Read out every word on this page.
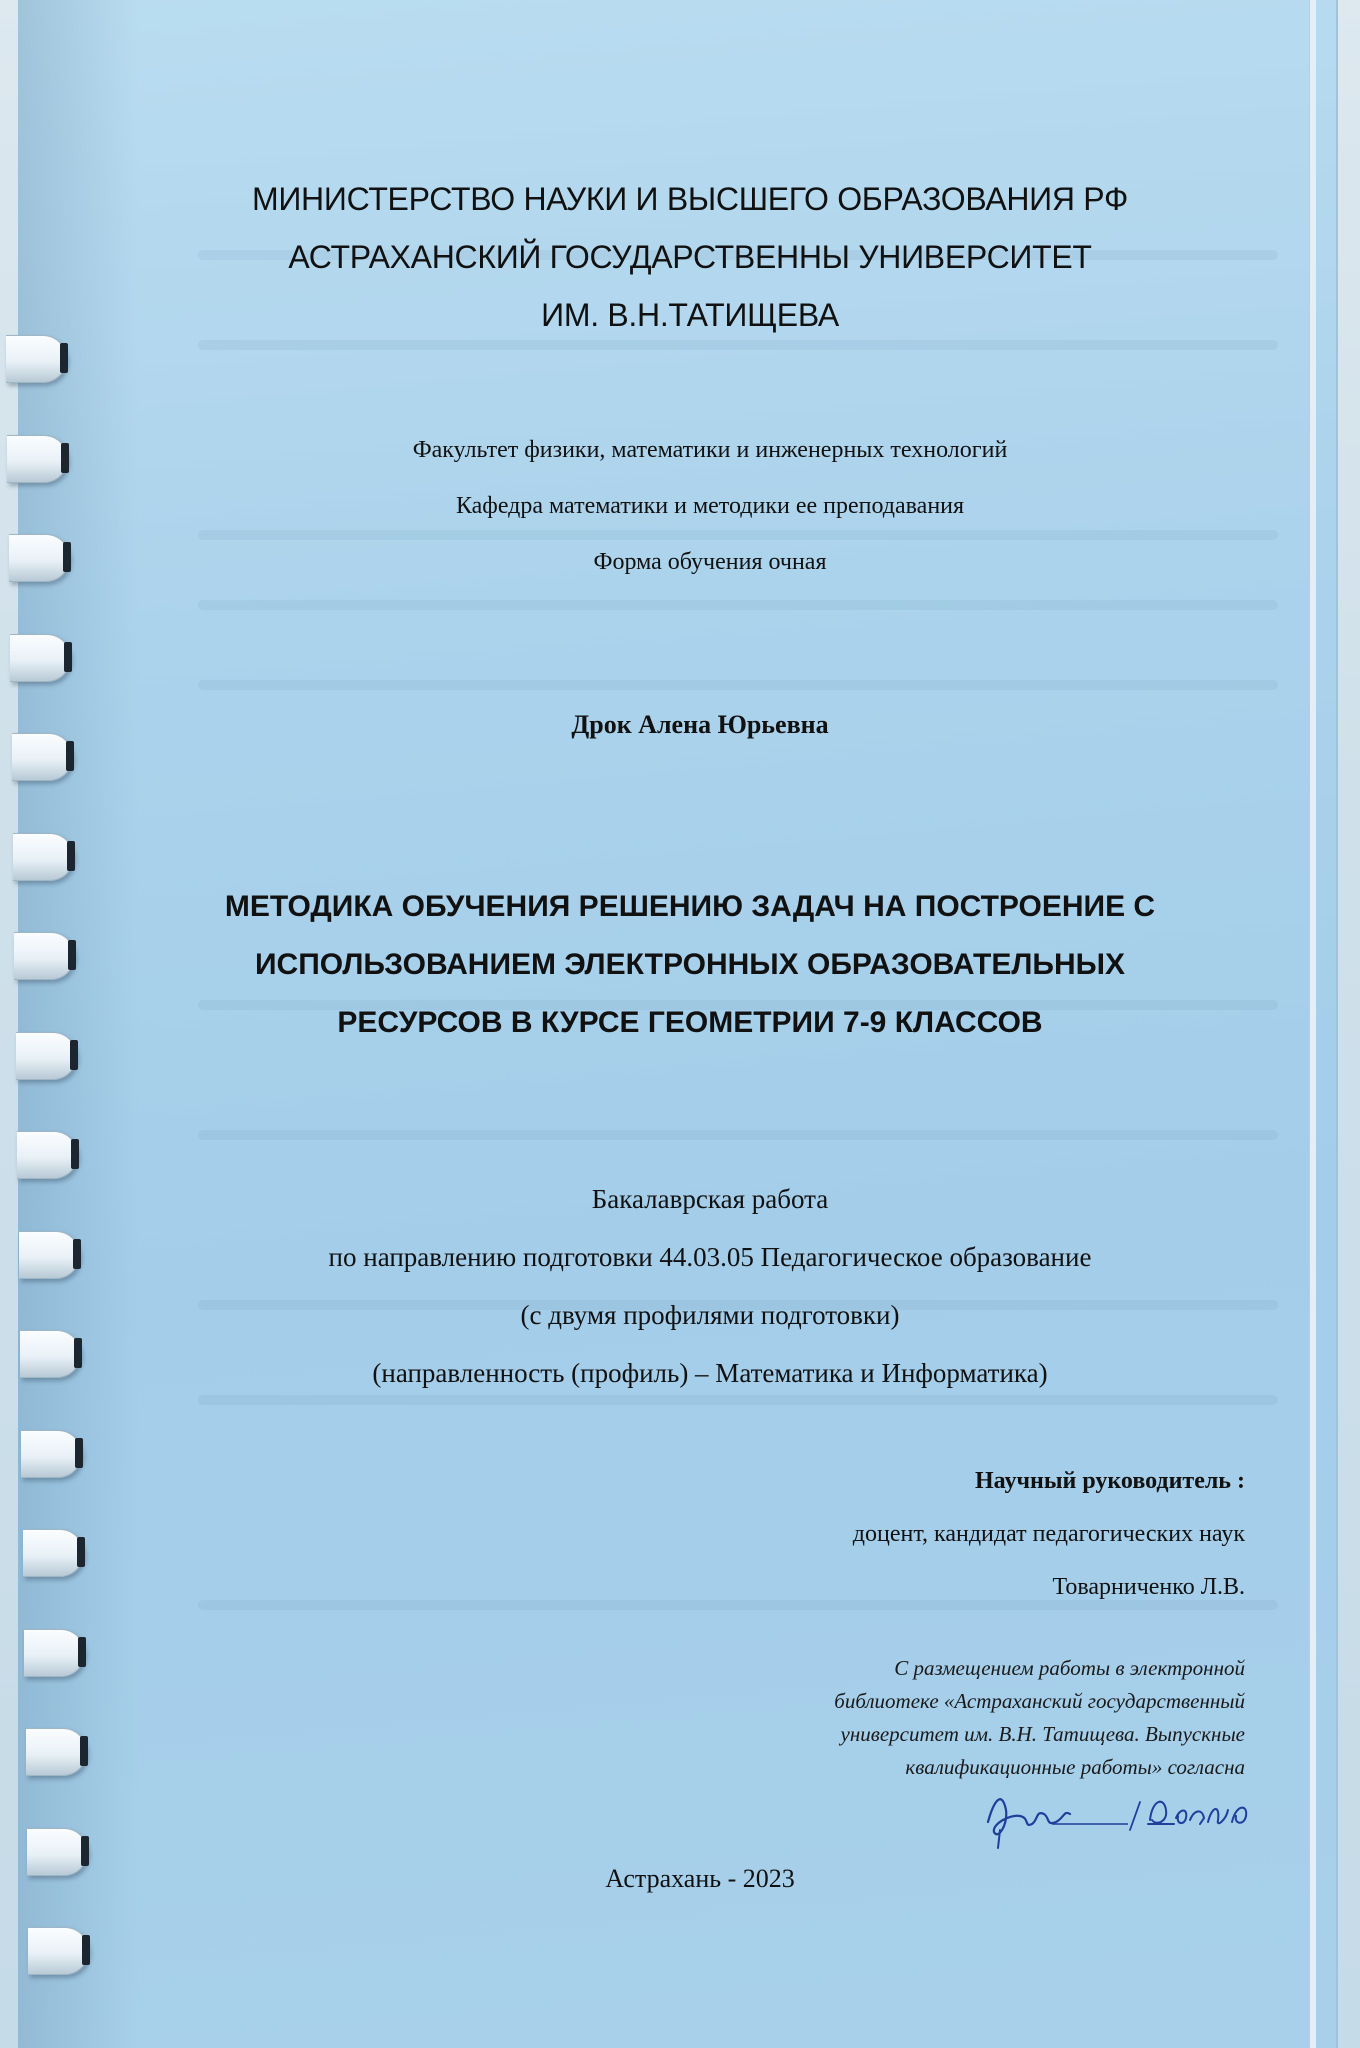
МИНИСТЕРСТВО НАУКИ И ВЫСШЕГО ОБРАЗОВАНИЯ РФ
АСТРАХАНСКИЙ ГОСУДАРСТВЕННЫ УНИВЕРСИТЕТ
ИМ. В.Н.ТАТИЩЕВА
Факультет физики, математики и инженерных технологий
Кафедра математики и методики ее преподавания
Форма обучения очная
Дрок Алена Юрьевна
МЕТОДИКА ОБУЧЕНИЯ РЕШЕНИЮ ЗАДАЧ НА ПОСТРОЕНИЕ С
ИСПОЛЬЗОВАНИЕМ ЭЛЕКТРОННЫХ ОБРАЗОВАТЕЛЬНЫХ
РЕСУРСОВ В КУРСЕ ГЕОМЕТРИИ 7-9 КЛАССОВ
Бакалаврская работа
по направлению подготовки 44.03.05 Педагогическое образование
(с двумя профилями подготовки)
(направленность (профиль) – Математика и Информатика)
Научный руководитель :
доцент, кандидат педагогических наук
Товарниченко Л.В.
С размещением работы в электронной
библиотеке «Астраханский государственный
университет им. В.Н. Татищева. Выпускные
квалификационные работы» согласна
Астрахань - 2023
